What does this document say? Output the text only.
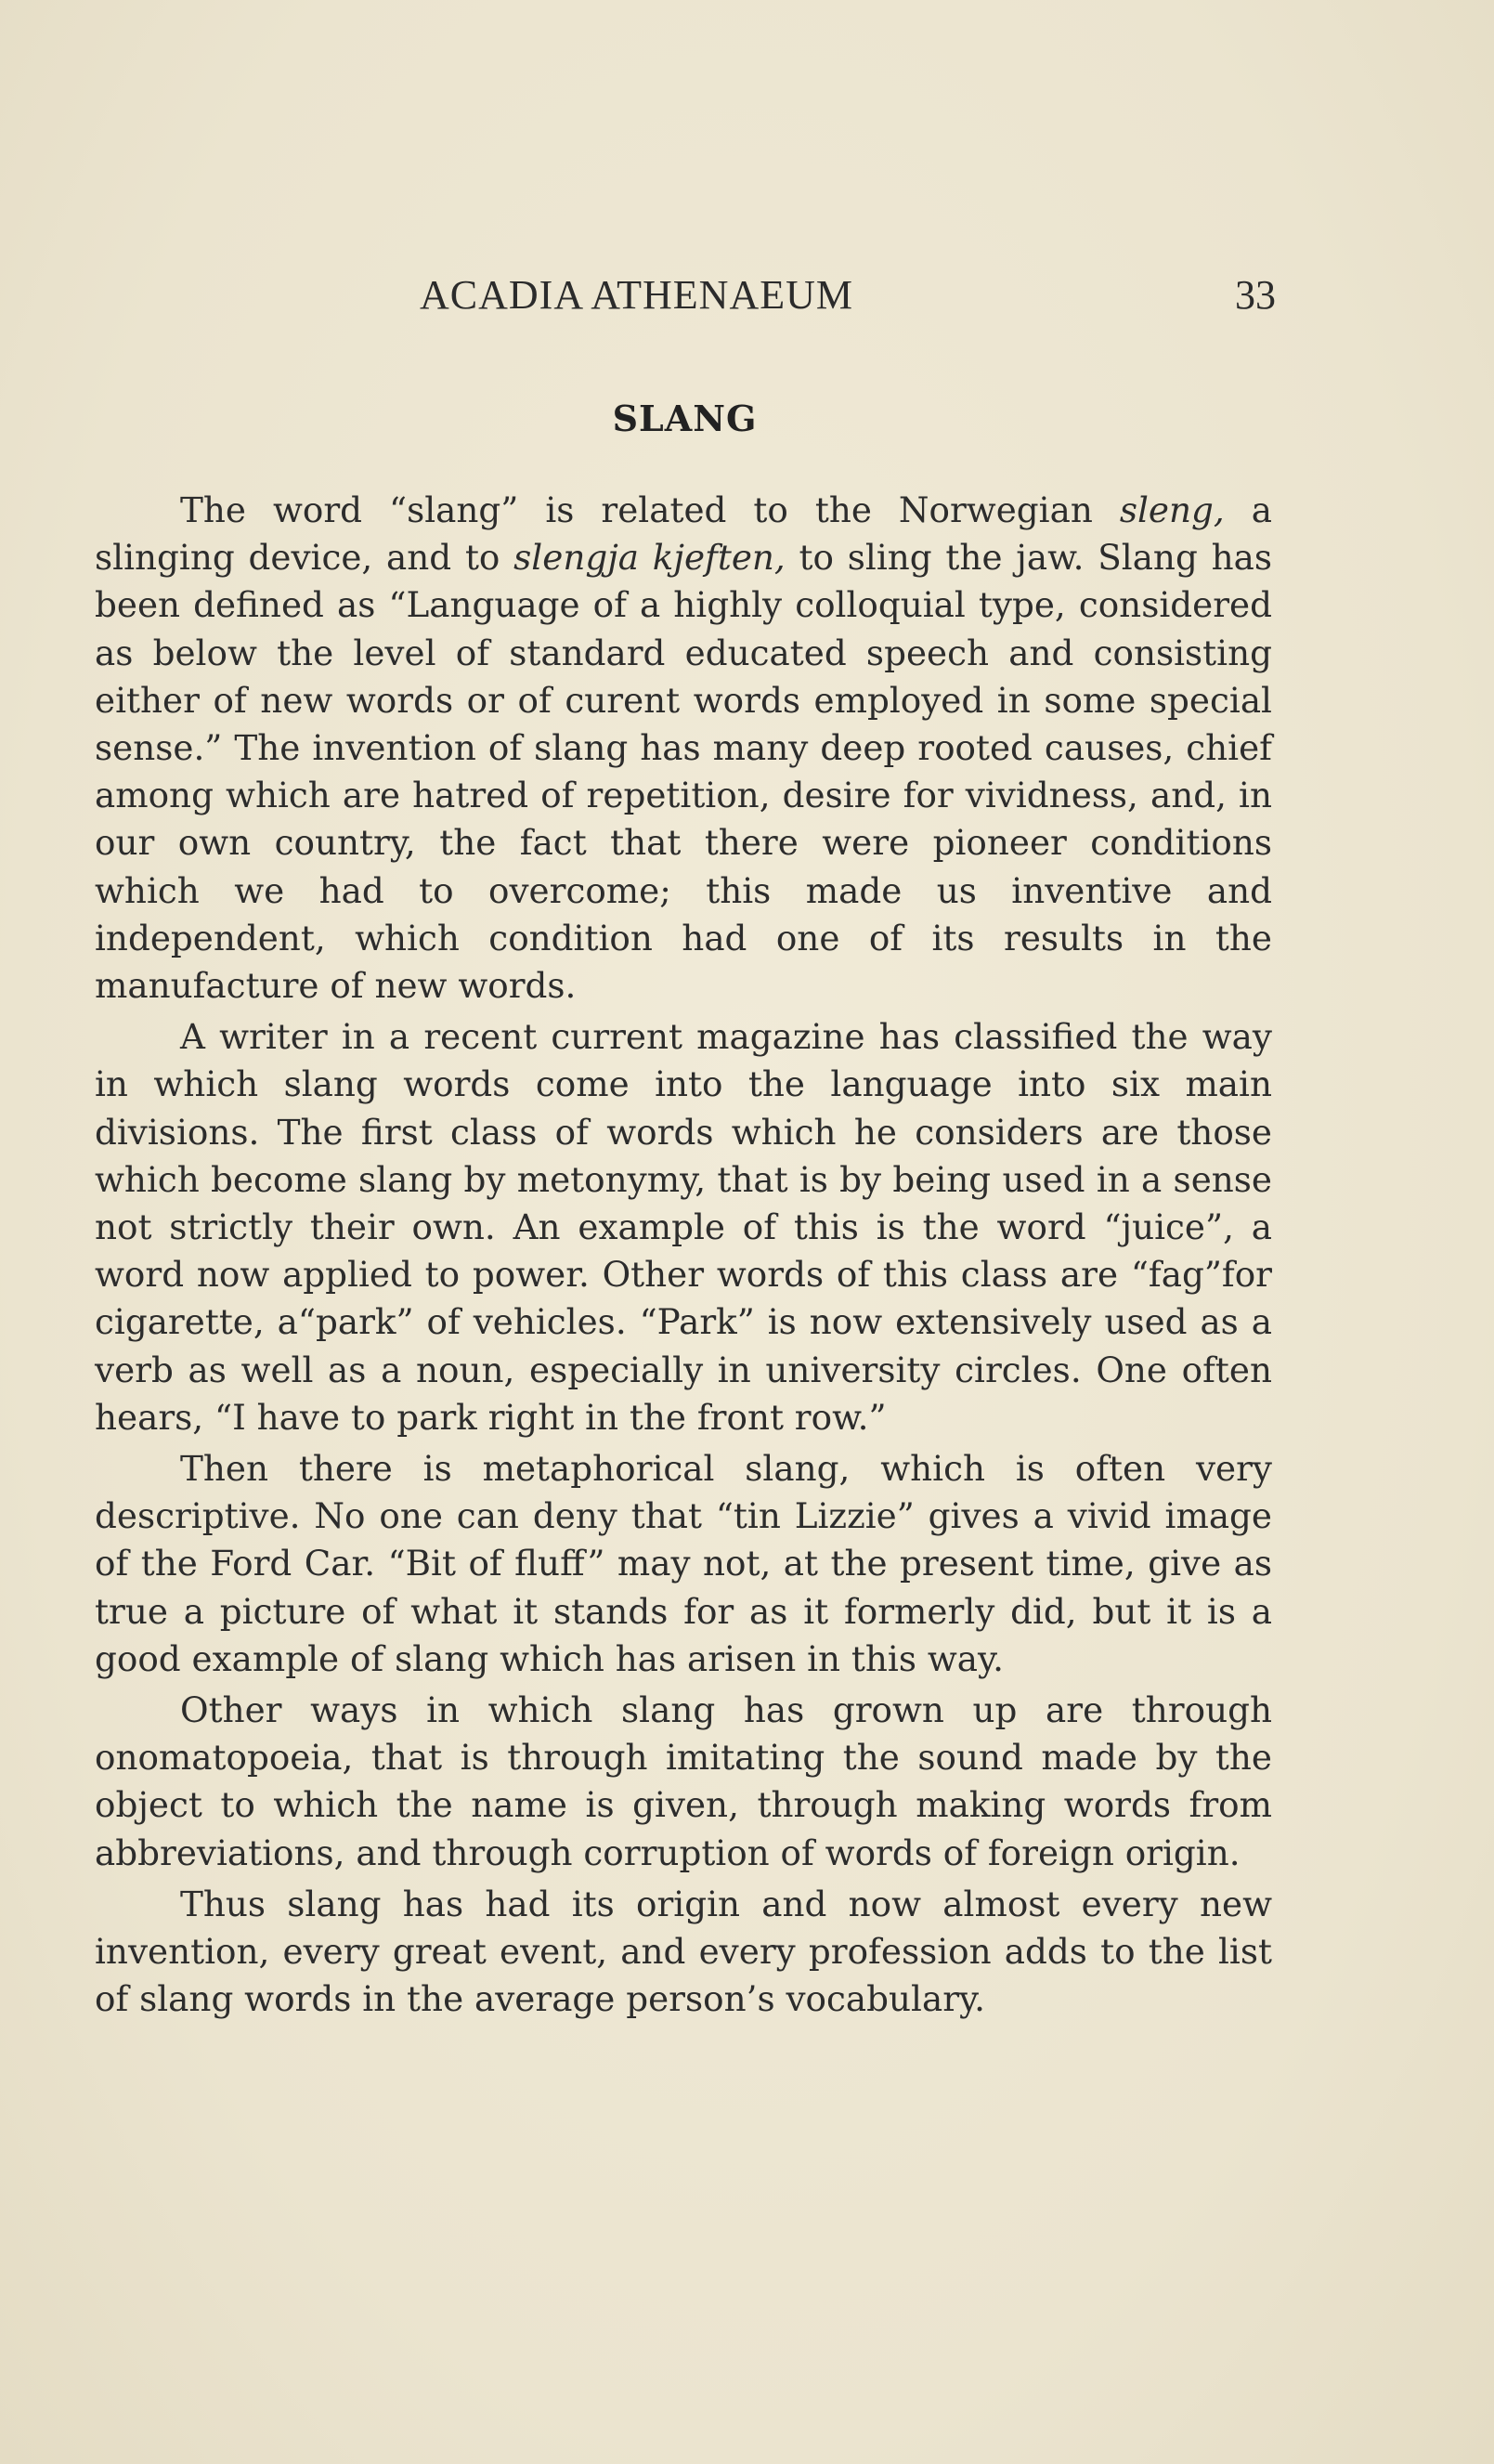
ACADIA ATHENAEUM	33
SLANG

The word “slang” is related to the Norwegian sleng, a slinging device, and to slengja kjeften, to sling the jaw. Slang has been defined as “Language of a highly colloquial type, considered as below the level of standard educated speech and consisting either of new words or of curent words employed in some special sense.” The invention of slang has many deep rooted causes, chief among which are hatred of repetition, desire for vividness, and, in our own country, the fact that there were pioneer conditions which we had to overcome; this made us inventive and independent, which condition had one of its results in the manufacture of new words.

A writer in a recent current magazine has classified the way in which slang words come into the language into six main divisions. The first class of words which he considers are those which become slang by metonymy, that is by being used in a sense not strictly their own. An example of this is the word “juice”, a word now applied to power. Other words of this class are “fag”for cigarette, a“park” of vehicles. “Park” is now extensively used as a verb as well as a noun, especially in university circles. One often hears, “I have to park right in the front row.”

Then there is metaphorical slang, which is often very descriptive. No one can deny that “tin Lizzie” gives a vivid image of the Ford Car. “Bit of fluff” may not, at the present time, give as true a picture of what it stands for as it formerly did, but it is a good example of slang which has arisen in this way.

Other ways in which slang has grown up are through onomatopoeia, that is through imitating the sound made by the object to which the name is given, through making words from abbreviations, and through corruption of words of foreign origin.

Thus slang has had its origin and now almost every new invention, every great event, and every profession adds to the list of slang words in the average person’s vocabulary.
